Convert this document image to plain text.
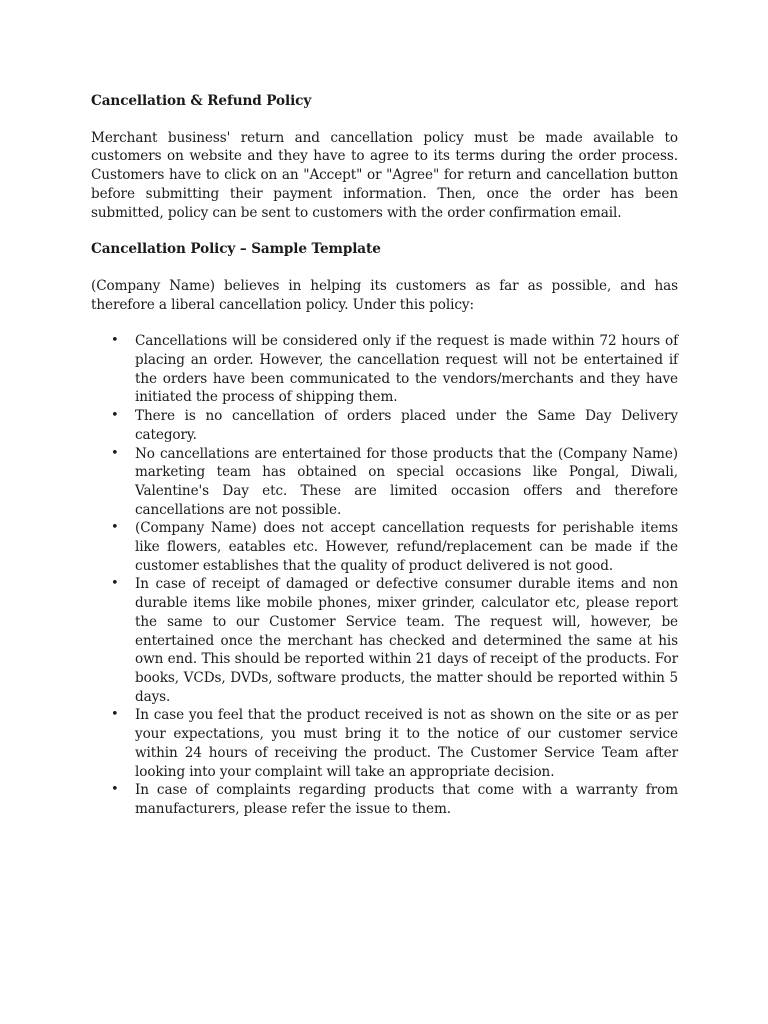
Cancellation & Refund Policy
Merchant business' return and cancellation policy must be made available to customers on website and they have to agree to its terms during the order process. Customers have to click on an "Accept" or "Agree" for return and cancellation button before submitting their payment information. Then, once the order has been submitted, policy can be sent to customers with the order confirmation email.
Cancellation Policy – Sample Template
(Company Name) believes in helping its customers as far as possible, and has therefore a liberal cancellation policy. Under this policy:
• Cancellations will be considered only if the request is made within 72 hours of placing an order. However, the cancellation request will not be entertained if the orders have been communicated to the vendors/merchants and they have initiated the process of shipping them.
• There is no cancellation of orders placed under the Same Day Delivery category.
• No cancellations are entertained for those products that the (Company Name) marketing team has obtained on special occasions like Pongal, Diwali, Valentine's Day etc. These are limited occasion offers and therefore cancellations are not possible.
• (Company Name) does not accept cancellation requests for perishable items like flowers, eatables etc. However, refund/replacement can be made if the customer establishes that the quality of product delivered is not good.
• In case of receipt of damaged or defective consumer durable items and non durable items like mobile phones, mixer grinder, calculator etc, please report the same to our Customer Service team. The request will, however, be entertained once the merchant has checked and determined the same at his own end. This should be reported within 21 days of receipt of the products. For books, VCDs, DVDs, software products, the matter should be reported within 5 days.
• In case you feel that the product received is not as shown on the site or as per your expectations, you must bring it to the notice of our customer service within 24 hours of receiving the product. The Customer Service Team after looking into your complaint will take an appropriate decision.
• In case of complaints regarding products that come with a warranty from manufacturers, please refer the issue to them.
